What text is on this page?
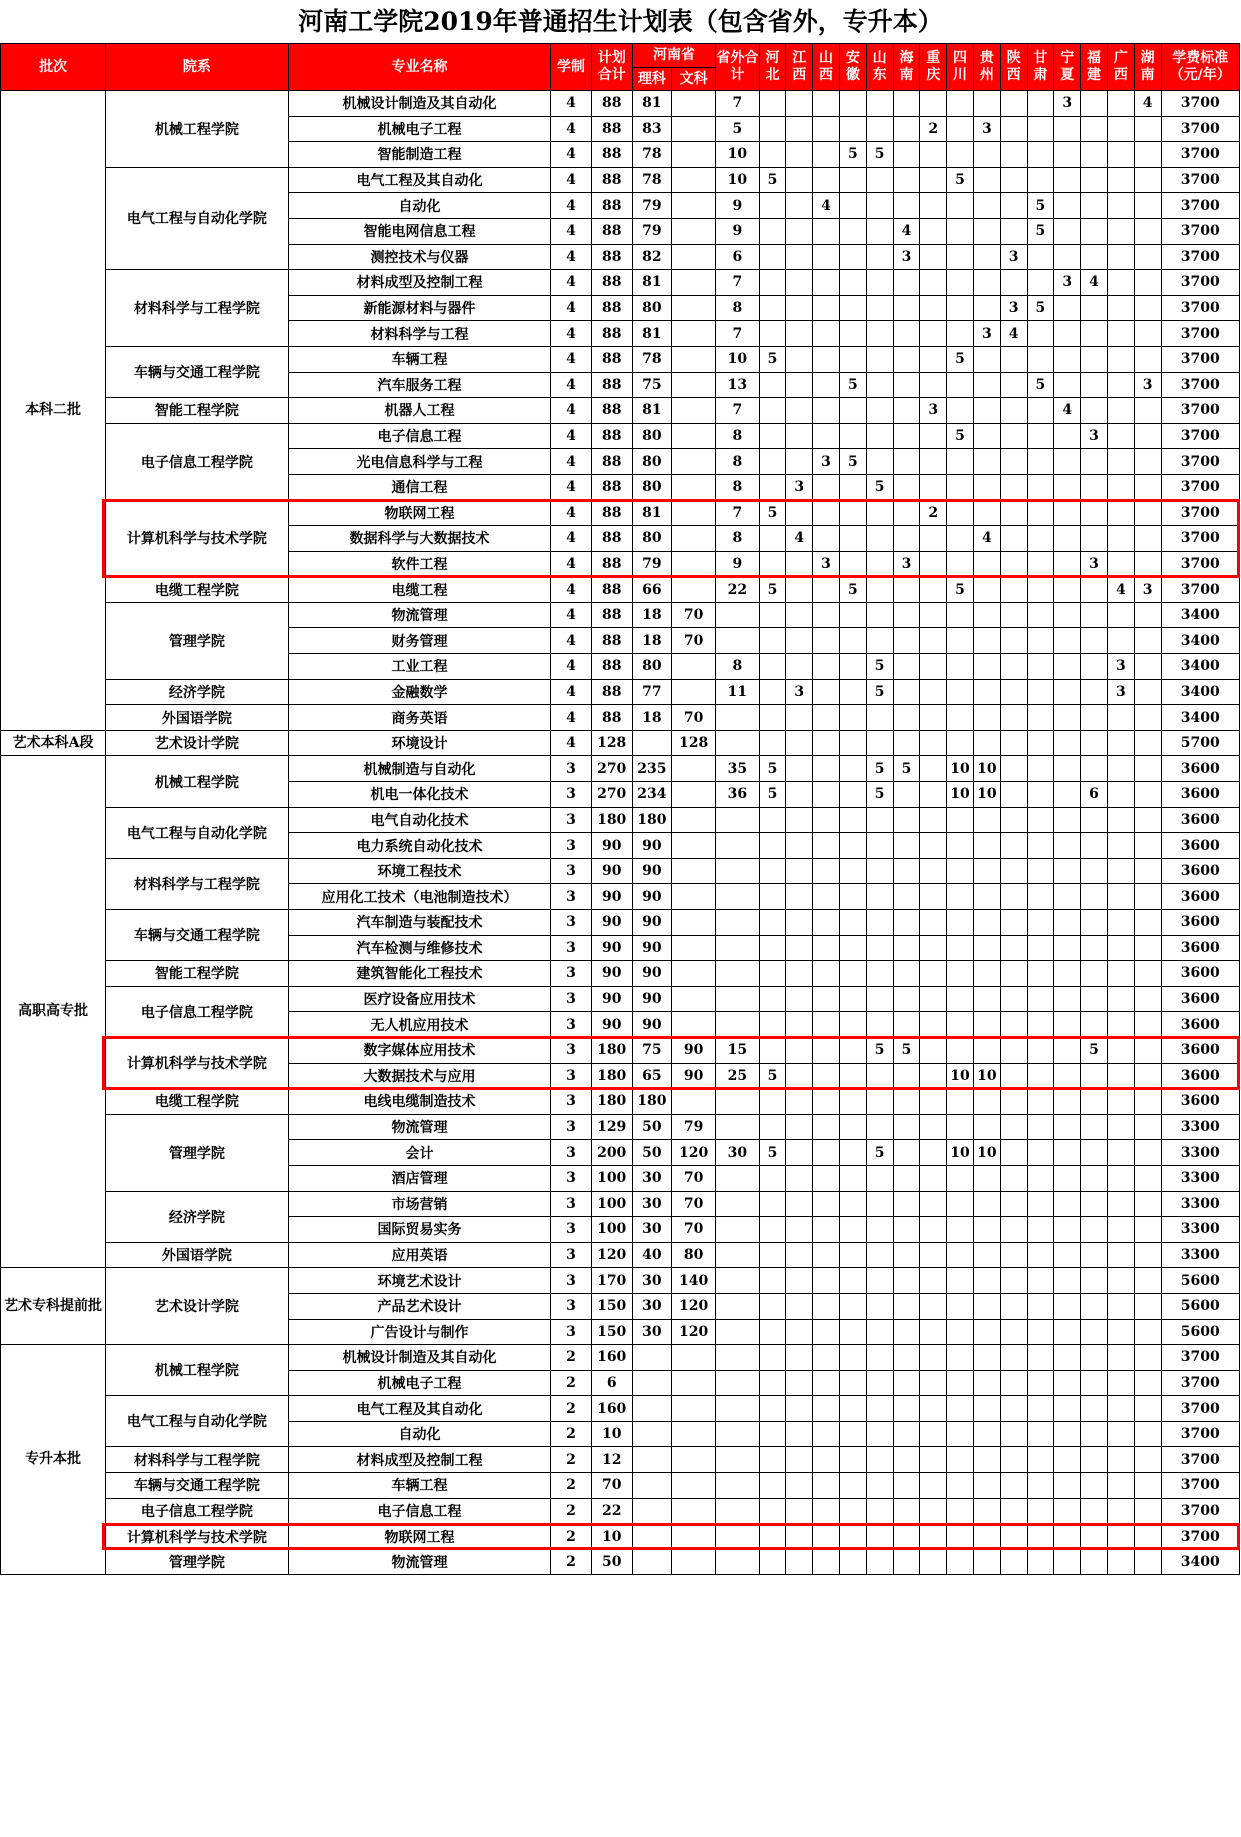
河南工学院2019年普通招生计划表（包含省外，专升本）
批次	院系	专业名称	学制	计划合计	河南省		省外合计	河北	江西	山西	安徽	山东	海南	重庆	四川	贵州	陕西	甘肃	宁夏	福建	广西	湖南	学费标准（元/年）
					理科	文科																	
本科二批	机械工程学院	机械设计制造及其自动化	4	88	81		7												3			4	3700
		机械电子工程	4	88	83		5							2		3							3700
		智能制造工程	4	88	78		10				5	5											3700
	电气工程与自动化学院	电气工程及其自动化	4	88	78		10	5							5								3700
		自动化	4	88	79		9			4								5					3700
		智能电网信息工程	4	88	79		9						4					5					3700
		测控技术与仪器	4	88	82		6						3				3						3700
	材料科学与工程学院	材料成型及控制工程	4	88	81		7												3	4			3700
		新能源材料与器件	4	88	80		8										3	5					3700
		材料科学与工程	4	88	81		7									3	4						3700
	车辆与交通工程学院	车辆工程	4	88	78		10	5							5								3700
		汽车服务工程	4	88	75		13				5							5				3	3700
	智能工程学院	机器人工程	4	88	81		7							3					4				3700
	电子信息工程学院	电子信息工程	4	88	80		8								5					3			3700
		光电信息科学与工程	4	88	80		8			3	5												3700
		通信工程	4	88	80		8		3			5											3700
	计算机科学与技术学院	物联网工程	4	88	81		7	5						2									3700
		数据科学与大数据技术	4	88	80		8		4							4							3700
		软件工程	4	88	79		9			3			3							3			3700
	电缆工程学院	电缆工程	4	88	66		22	5			5				5						4	3	3700
	管理学院	物流管理	4	88	18	70																	3400
		财务管理	4	88	18	70																	3400
		工业工程	4	88	80		8					5									3		3400
	经济学院	金融数学	4	88	77		11		3			5									3		3400
	外国语学院	商务英语	4	88	18	70																	3400
艺术本科A段	艺术设计学院	环境设计	4	128		128																	5700
高职高专批	机械工程学院	机械制造与自动化	3	270	235		35	5				5	5		10	10							3600
		机电一体化技术	3	270	234		36	5				5			10	10				6			3600
	电气工程与自动化学院	电气自动化技术	3	180	180																		3600
		电力系统自动化技术	3	90	90																		3600
	材料科学与工程学院	环境工程技术	3	90	90																		3600
		应用化工技术（电池制造技术）	3	90	90																		3600
	车辆与交通工程学院	汽车制造与装配技术	3	90	90																		3600
		汽车检测与维修技术	3	90	90																		3600
	智能工程学院	建筑智能化工程技术	3	90	90																		3600
	电子信息工程学院	医疗设备应用技术	3	90	90																		3600
		无人机应用技术	3	90	90																		3600
	计算机科学与技术学院	数字媒体应用技术	3	180	75	90	15					5	5							5			3600
		大数据技术与应用	3	180	65	90	25	5							10	10							3600
	电缆工程学院	电线电缆制造技术	3	180	180																		3600
	管理学院	物流管理	3	129	50	79																	3300
		会计	3	200	50	120	30	5				5			10	10							3300
		酒店管理	3	100	30	70																	3300
	经济学院	市场营销	3	100	30	70																	3300
		国际贸易实务	3	100	30	70																	3300
	外国语学院	应用英语	3	120	40	80																	3300
艺术专科提前批	艺术设计学院	环境艺术设计	3	170	30	140																	5600
		产品艺术设计	3	150	30	120																	5600
		广告设计与制作	3	150	30	120																	5600
专升本批	机械工程学院	机械设计制造及其自动化	2	160																			3700
		机械电子工程	2	6																			3700
	电气工程与自动化学院	电气工程及其自动化	2	160																			3700
		自动化	2	10																			3700
	材料科学与工程学院	材料成型及控制工程	2	12																			3700
	车辆与交通工程学院	车辆工程	2	70																			3700
	电子信息工程学院	电子信息工程	2	22																			3700
	计算机科学与技术学院	物联网工程	2	10																			3700
	管理学院	物流管理	2	50																			3400
